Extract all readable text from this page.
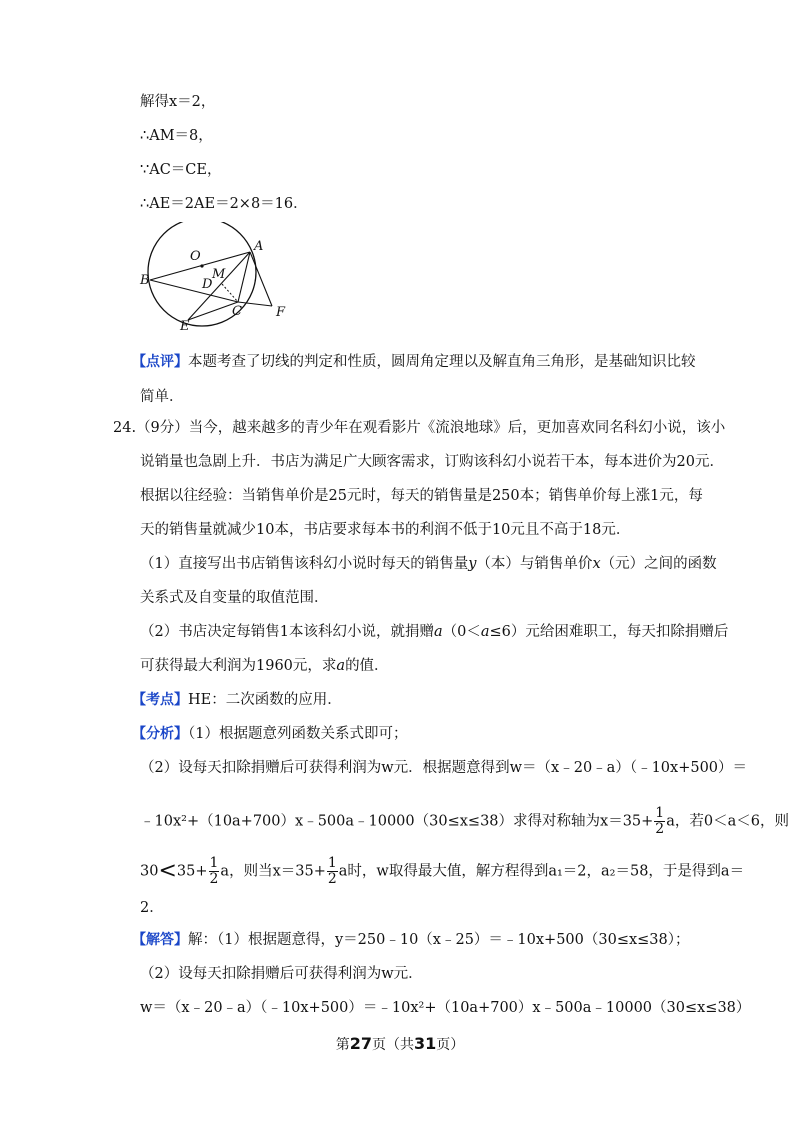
解得x＝2，
∴AM＝8，
∵AC＝CE，
∴AE＝2AE＝2×8＝16．
O
A
B	D
M
C
E
F
【点评】本题考查了切线的判定和性质，圆周角定理以及解直角三角形，是基础知识比较
简单．
24.（9分）当今，越来越多的青少年在观看影片《流浪地球》后，更加喜欢同名科幻小说，该小
说销量也急剧上升．书店为满足广大顾客需求，订购该科幻小说若干本，每本进价为20元．
根据以往经验：当销售单价是25元时，每天的销售量是250本；销售单价每上涨1元，每
天的销售量就减少10本，书店要求每本书的利润不低于10元且不高于18元．
（1）直接写出书店销售该科幻小说时每天的销售量y（本）与销售单价x（元）之间的函数
关系式及自变量的取值范围．
（2）书店决定每销售1本该科幻小说，就捐赠a（0＜a≤6）元给困难职工，每天扣除捐赠后
可获得最大利润为1960元，求a的值．
【考点】HE：二次函数的应用．
【分析】（1）根据题意列函数关系式即可；
（2）设每天扣除捐赠后可获得利润为w元．根据题意得到w＝（x﹣20﹣a）（﹣10x+500）＝
﹣10x²+（10a+700）x﹣500a﹣10000（30≤x≤38）求得对称轴为$x=35+ \frac{1}{2}$ a，若0＜a＜6，则
$30<35+ \frac{1}{2}$ a，则当$x=35+ \frac{1}{2}$ a时，w取得最大值，解方程得到a₁＝2，a₂＝58，于是得到a＝
2．
【解答】解：（1）根据题意得，y＝250﹣10（x﹣25）＝﹣10x+500（30≤x≤38）；
（2）设每天扣除捐赠后可获得利润为w元．
w＝（x﹣20﹣a）（﹣10x+500）＝﹣10x²+（10a+700）x﹣500a﹣10000（30≤x≤38）
第27页（共31页）
